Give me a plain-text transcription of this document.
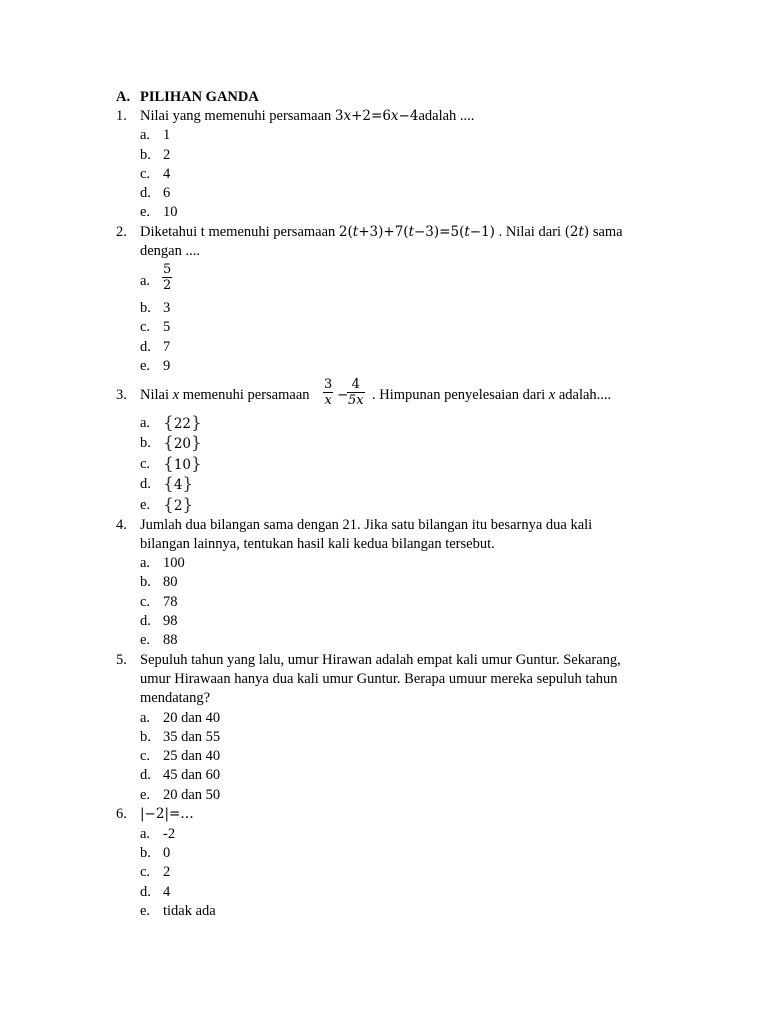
A. PILIHAN GANDA
1. Nilai yang memenuhi persamaan 3x+2=6x−4adalah ....
a. 1
b. 2
c. 4
d. 6
e. 10
2. Diketahui t memenuhi persamaan 2(t+3)+7(t−3)=5(t−1) . Nilai dari (2t) sama
dengan ....
a. $\frac{5}{2}$
b. 3
c. 5
d. 7
e. 9
3. Nilai x memenuhi persamaan $\frac{3}{x}$ −
$\frac{4}{5x}$ . Himpunan penyelesaian dari x adalah....
a. {22}
b. {20}
c. {10}
d. {4}
e. {2}
4. Jumlah dua bilangan sama dengan 21. Jika satu bilangan itu besarnya dua kali
bilangan lainnya, tentukan hasil kali kedua bilangan tersebut.
a. 100
b. 80
c. 78
d. 98
e. 88
5. Sepuluh tahun yang lalu, umur Hirawan adalah empat kali umur Guntur. Sekarang,
umur Hirawaan hanya dua kali umur Guntur. Berapa umuur mereka sepuluh tahun
mendatang?
a. 20 dan 40
b. 35 dan 55
c. 25 dan 40
d. 45 dan 60
e. 20 dan 50
6. |−2|=…
a. -2
b. 0
c. 2
d. 4
e. tidak ada
